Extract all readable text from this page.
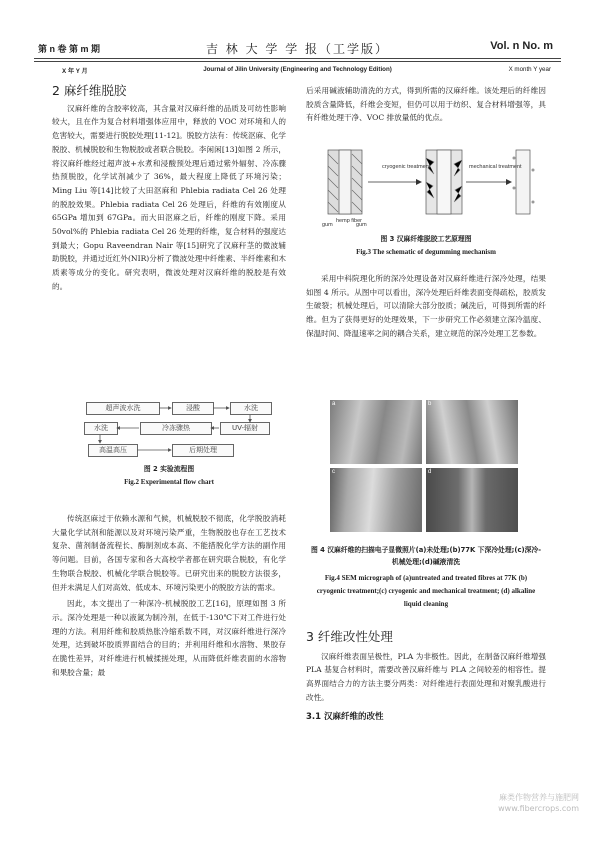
第 n 卷 第 m 期	吉 林 大 学 学 报（工学版）	Vol. n No. m
X 年 Y 月	Journal of Jilin University (Engineering and Technology Edition)	X month Y year
2 麻纤维脱胶

汉麻纤维的含胶率较高，其含量对汉麻纤维的品质及可纺性影响较大，且在作为复合材料增强体应用中，释放的 VOC 对环境和人的危害较大，需要进行脱胶处理[11-12]。脱胶方法有：传统沤麻、化学脱胶、机械脱胶和生物脱胶或者联合脱胶。李闲闲[13]如图 2 所示，将汉麻纤维经过超声波+水煮和浸酸预处理后通过紫外辐射、冷冻骤热预脱胶，化学试剂减少了 36%，最大程度上降低了环境污染；Ming Liu 等[14]比较了大田沤麻和 Phlebia radiata Cel 26 处理的脱胶效果。Phlebia radiata Cel 26 处理后，纤维的有效刚度从 65GPa 增加到 67GPa。而大田沤麻之后，纤维的刚度下降。采用 50vol%的 Phlebia radiata Cel 26 处理的纤维，复合材料的强度达到最大；Gopu Raveendran Nair 等[15]研究了汉麻秆茎的微波辅助脱胶，并通过近红外(NIR)分析了微波处理中纤维素、半纤维素和木质素等成分的变化。研究表明，微波处理对汉麻纤维的脱胶是有效的。

超声波水洗	浸酸	水洗
水洗	冷冻骤热	UV-辐射
高温高压	后期处理
图 2 实验流程图
Fig.2 Experimental flow chart

传统沤麻过于依赖水源和气候，机械脱胶不彻底，化学脱胶消耗大量化学试剂和能源以及对环境污染严重，生物脱胶也存在工艺技术复杂、菌剂制备流程长、酶制剂成本高、不能措脱化学方法的副作用等问题。目前，各国专家和各大高校学者都在研究联合脱胶，有化学生物联合脱胶、机械化学联合脱胶等。已研究出来的脱胶方法很多，但并未满足人们对高效、低成本、环境污染更小的脱胶方法的需求。

因此，本文提出了一种深冷-机械脱胶工艺[16]，原理如图 3 所示。深冷处理是一种以液氮为制冷剂，在低于-130℃下对工件进行处理的方法。利用纤维和胶质热胀冷缩系数不同，对汉麻纤维进行深冷处理，达到破坏胶质界面结合的目的；并利用纤维和水溶物、果胶存在脆性差异，对纤维进行机械揉搓处理，从而降低纤维表面的水溶物和果胶含量；最

后采用碱液辅助清洗的方式，得到所需的汉麻纤维。该处理后的纤维因胶质含量降低，纤维会变短，但仍可以用于纺织、复合材料增强等，具有纤维处理干净、VOC 排放量低的优点。

cryogenic treatment	mechanical treatment
gum
hemp fiber
gum
图 3 汉麻纤维脱胶工艺原理图
Fig.3 The schematic of degumming mechanism

采用中科院理化所的深冷处理设备对汉麻纤维进行深冷处理，结果如图 4 所示。从图中可以看出，深冷处理后纤维表面变得疏松，胶质发生破裂；机械处理后，可以清除大部分胶质；碱洗后，可得到所需的纤维。但为了获得更好的处理效果，下一步研究工作必须建立深冷温度、保温时间、降温速率之间的耦合关系，建立规范的深冷处理工艺参数。

a	b
c	d
图 4 汉麻纤维的扫描电子显微照片(a)未处理;(b)77K 下深冷处理;(c)深冷-机械处理;(d)碱液清洗
Fig.4 SEM micrograph of (a)untreated and treated fibres at 77K (b) cryogenic treatment;(c) cryogenic and mechanical treatment; (d) alkaline liquid cleaning
3 纤维改性处理

汉麻纤维表面呈极性，PLA 为非极性。因此，在制备汉麻纤维增强 PLA 基复合材料时，需要改善汉麻纤维与 PLA 之间较差的相容性。提高界面结合力的方法主要分两类：对纤维进行表面处理和对聚乳酸进行改性。

3.1 汉麻纤维的改性
麻类作物营养与施肥网
www.fibercrops.com
